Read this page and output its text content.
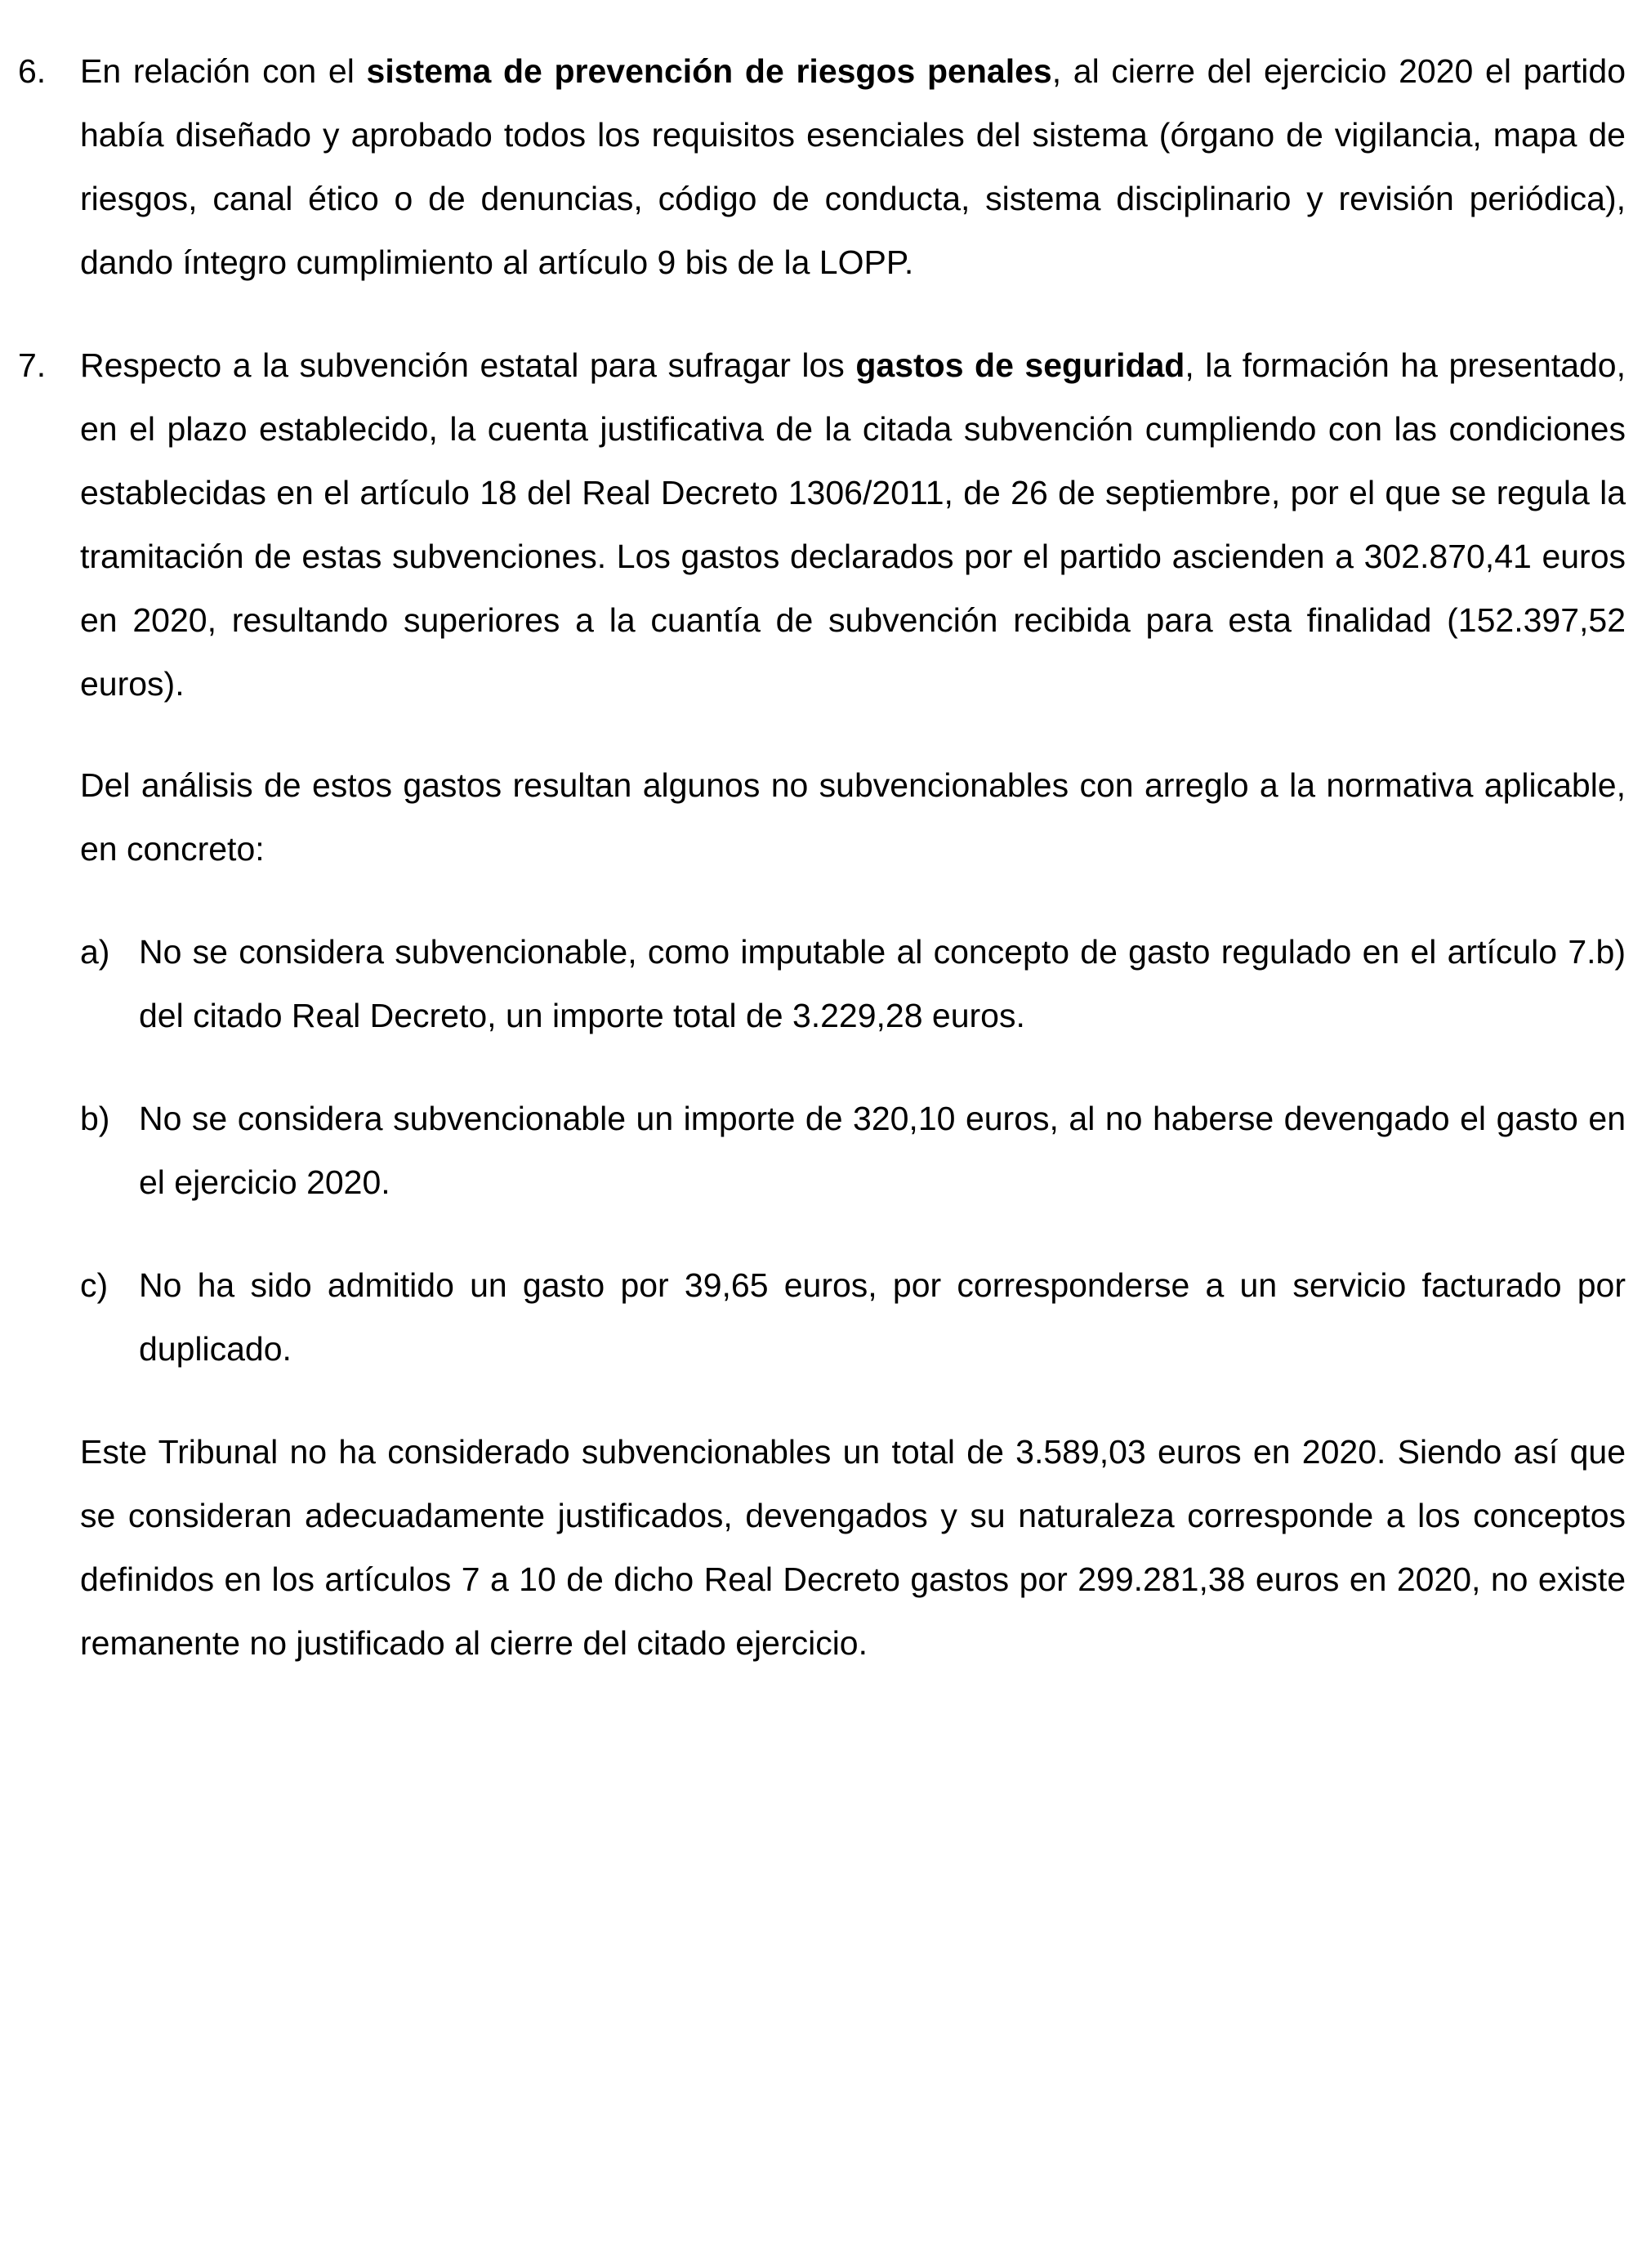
6.	En relación con el sistema de prevención de riesgos penales, al cierre del ejercicio 2020 el partido había diseñado y aprobado todos los requisitos esenciales del sistema (órgano de vigilancia, mapa de riesgos, canal ético o de denuncias, código de conducta, sistema disciplinario y revisión periódica), dando íntegro cumplimiento al artículo 9 bis de la LOPP.
7.	Respecto a la subvención estatal para sufragar los gastos de seguridad, la formación ha presentado, en el plazo establecido, la cuenta justificativa de la citada subvención cumpliendo con las condiciones establecidas en el artículo 18 del Real Decreto 1306/2011, de 26 de septiembre, por el que se regula la tramitación de estas subvenciones. Los gastos declarados por el partido ascienden a 302.870,41 euros en 2020, resultando superiores a la cuantía de subvención recibida para esta finalidad (152.397,52 euros).

Del análisis de estos gastos resultan algunos no subvencionables con arreglo a la normativa aplicable, en concreto:

a) No se considera subvencionable, como imputable al concepto de gasto regulado en el artículo 7.b) del citado Real Decreto, un importe total de 3.229,28 euros.
b) No se considera subvencionable un importe de 320,10 euros, al no haberse devengado el gasto en el ejercicio 2020.
c) No ha sido admitido un gasto por 39,65 euros, por corresponderse a un servicio facturado por duplicado.

Este Tribunal no ha considerado subvencionables un total de 3.589,03 euros en 2020. Siendo así que se consideran adecuadamente justificados, devengados y su naturaleza corresponde a los conceptos definidos en los artículos 7 a 10 de dicho Real Decreto gastos por 299.281,38 euros en 2020, no existe remanente no justificado al cierre del citado ejercicio.
